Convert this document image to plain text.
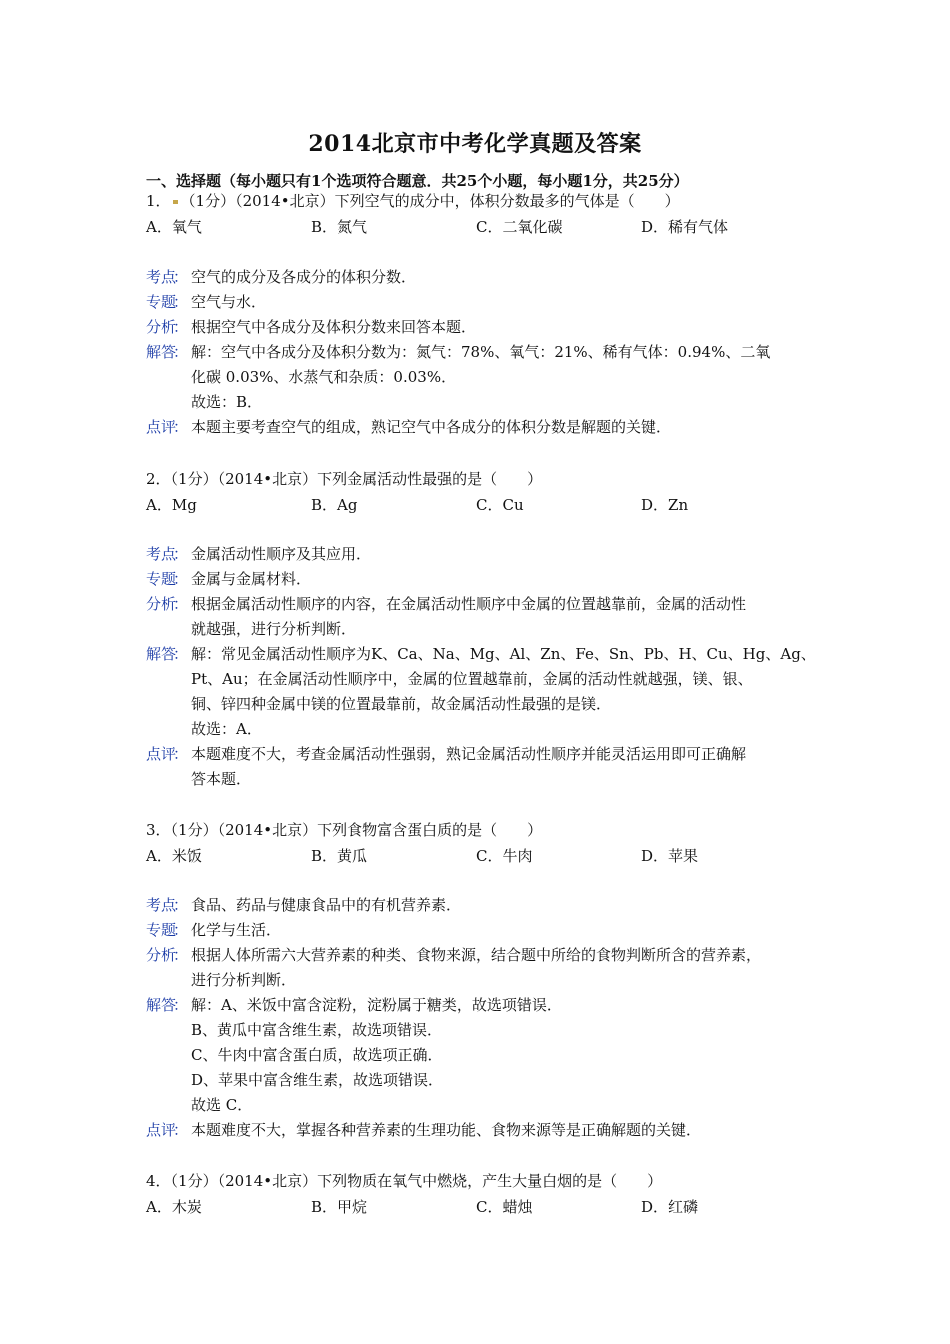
2014北京市中考化学真题及答案
一、选择题（每小题只有1个选项符合题意．共25个小题，每小题1分，共25分）
1． （1分）（2014•北京）下列空气的成分中，体积分数最多的气体是（　　）
A．氧气	B．氮气	C．二氧化碳	D．稀有气体
考点 ： 空气的成分及各成分的体积分数．
专题 ： 空气与水．
分析 ： 根据空气中各成分及体积分数来回答本题．
解答 ： 解：空气中各成分及体积分数为：氮气：78%、氧气：21%、稀有气体：0.94%、二氧
化碳 0.03%、水蒸气和杂质：0.03%．
故选：B．
点评 ： 本题主要考查空气的组成，熟记空气中各成分的体积分数是解题的关键．
2．（1分）（2014•北京）下列金属活动性最强的是（　　）
A．Mg	B．Ag	C．Cu	D．Zn
考点 ： 金属活动性顺序及其应用．
专题 ： 金属与金属材料．
分析 ： 根据金属活动性顺序的内容，在金属活动性顺序中金属的位置越靠前，金属的活动性
就越强，进行分析判断．
解答 ： 解：常见金属活动性顺序为K、Ca、Na、Mg、Al、Zn、Fe、Sn、Pb、H、Cu、Hg、Ag、
Pt、Au；在金属活动性顺序中，金属的位置越靠前，金属的活动性就越强，镁、银、
铜、锌四种金属中镁的位置最靠前，故金属活动性最强的是镁．
故选：A．
点评 ： 本题难度不大，考查金属活动性强弱，熟记金属活动性顺序并能灵活运用即可正确解
答本题．
3．（1分）（2014•北京）下列食物富含蛋白质的是（　　）
A．米饭	B．黄瓜	C．牛肉	D．苹果
考点 ： 食品、药品与健康食品中的有机营养素．
专题 ： 化学与生活．
分析 ： 根据人体所需六大营养素的种类、食物来源，结合题中所给的食物判断所含的营养素，
进行分析判断．
解答 ： 解：A、米饭中富含淀粉，淀粉属于糖类，故选项错误．
B、黄瓜中富含维生素，故选项错误．
C、牛肉中富含蛋白质，故选项正确．
D、苹果中富含维生素，故选项错误．
故选 C．
点评 ： 本题难度不大，掌握各种营养素的生理功能、食物来源等是正确解题的关键．
4．（1分）（2014•北京）下列物质在氧气中燃烧，产生大量白烟的是（　　）
A．木炭	B．甲烷	C．蜡烛	D．红磷
